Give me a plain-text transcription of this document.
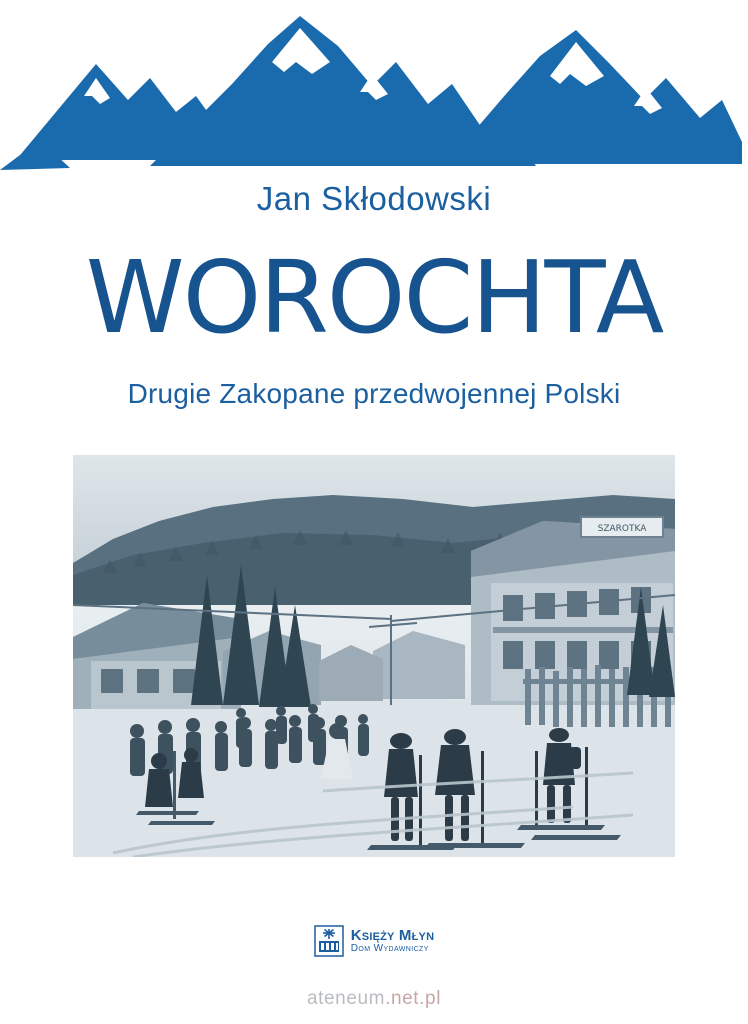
Jan Skłodowski
WOROCHTA
Drugie Zakopane przedwojennej Polski
SZAROTKA
Księży Młyn
Dom Wydawniczy
ateneum.net.pl
